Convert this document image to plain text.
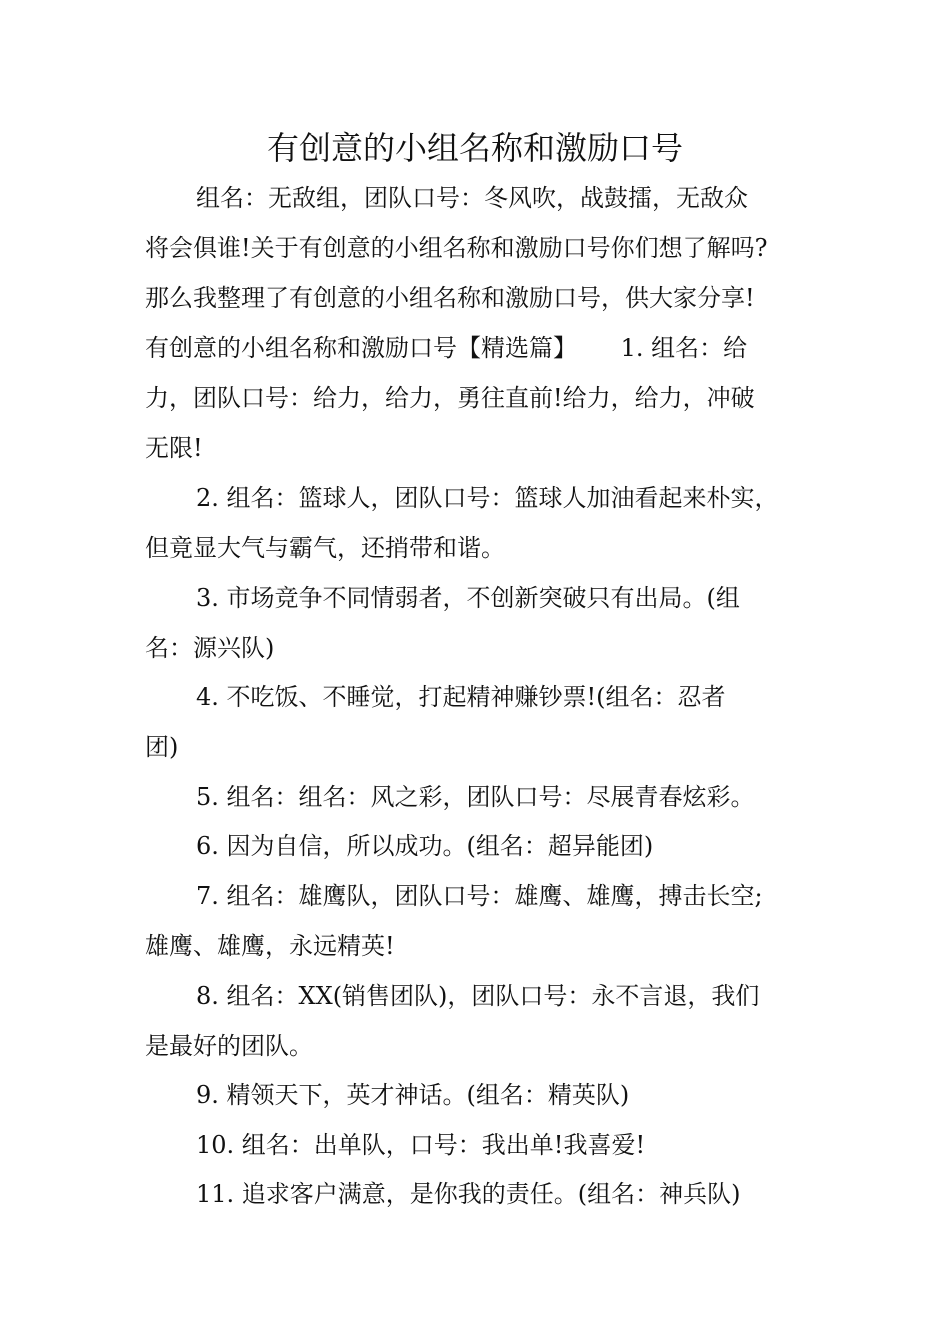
有创意的小组名称和激励口号
组名：无敌组，团队口号：冬风吹，战鼓擂，无敌众
将会俱谁!关于有创意的小组名称和激励口号你们想了解吗?
那么我整理了有创意的小组名称和激励口号，供大家分享!
有创意的小组名称和激励口号【精选篇】　　 1. 组名：给
力，团队口号：给力，给力，勇往直前!给力，给力，冲破
无限!
2. 组名：篮球人，团队口号：篮球人加油看起来朴实，
但竟显大气与霸气，还捎带和谐。
3. 市场竞争不同情弱者，不创新突破只有出局。(组
名：源兴队)
4. 不吃饭、不睡觉，打起精神赚钞票!(组名：忍者
团)
5. 组名：组名：风之彩，团队口号：尽展青春炫彩。
6. 因为自信，所以成功。(组名：超异能团)
7. 组名：雄鹰队，团队口号：雄鹰、雄鹰，搏击长空;
雄鹰、雄鹰，永远精英!
8. 组名：XX(销售团队)，团队口号：永不言退，我们
是最好的团队。
9. 精领天下，英才神话。(组名：精英队)
10. 组名：出单队，口号：我出单!我喜爱!
11. 追求客户满意，是你我的责任。(组名：神兵队)
